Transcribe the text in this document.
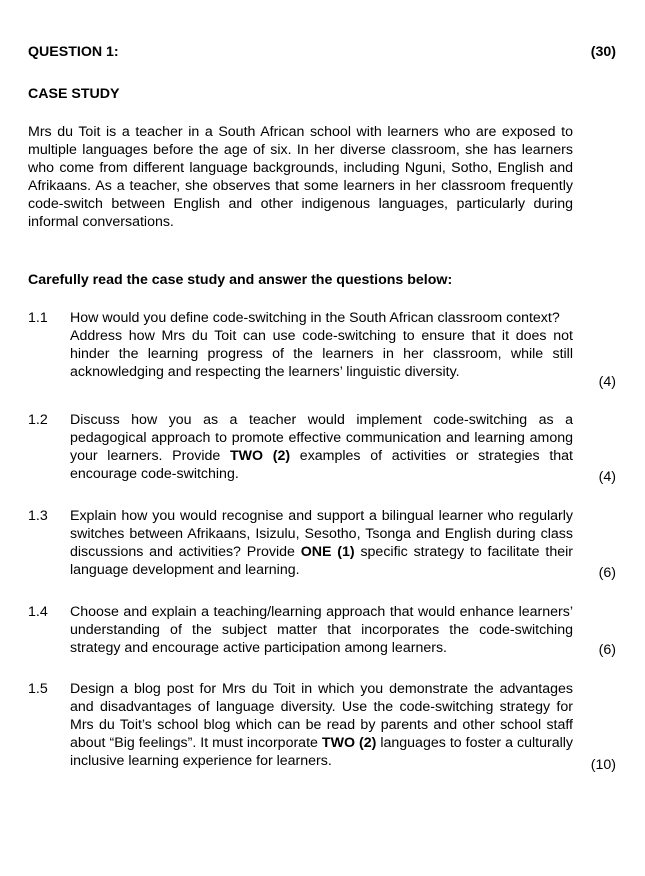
QUESTION 1:	(30)
CASE STUDY

Mrs du Toit is a teacher in a South African school with learners who are exposed to multiple languages before the age of six. In her diverse classroom, she has learners who come from different language backgrounds, including Nguni, Sotho, English and Afrikaans. As a teacher, she observes that some learners in her classroom frequently code-switch between English and other indigenous languages, particularly during informal conversations.

Carefully read the case study and answer the questions below:
1.1 How would you define code-switching in the South African classroom context?

Address how Mrs du Toit can use code-switching to ensure that it does not hinder the learning progress of the learners in her classroom, while still acknowledging and respecting the learners’ linguistic diversity.

(4)
1.2 Discuss how you as a teacher would implement code-switching as a pedagogical approach to promote effective communication and learning among your learners. Provide TWO (2) examples of activities or strategies that encourage code-switching.	(4)
1.3 Explain how you would recognise and support a bilingual learner who regularly switches between Afrikaans, Isizulu, Sesotho, Tsonga and English during class discussions and activities? Provide ONE (1) specific strategy to facilitate their language development and learning.	(6)
1.4 Choose and explain a teaching/learning approach that would enhance learners’ understanding of the subject matter that incorporates the code-switching strategy and encourage active participation among learners.	(6)
1.5 Design a blog post for Mrs du Toit in which you demonstrate the advantages and disadvantages of language diversity. Use the code-switching strategy for Mrs du Toit’s school blog which can be read by parents and other school staff about “Big feelings”. It must incorporate TWO (2) languages to foster a culturally inclusive learning experience for learners.	(10)
